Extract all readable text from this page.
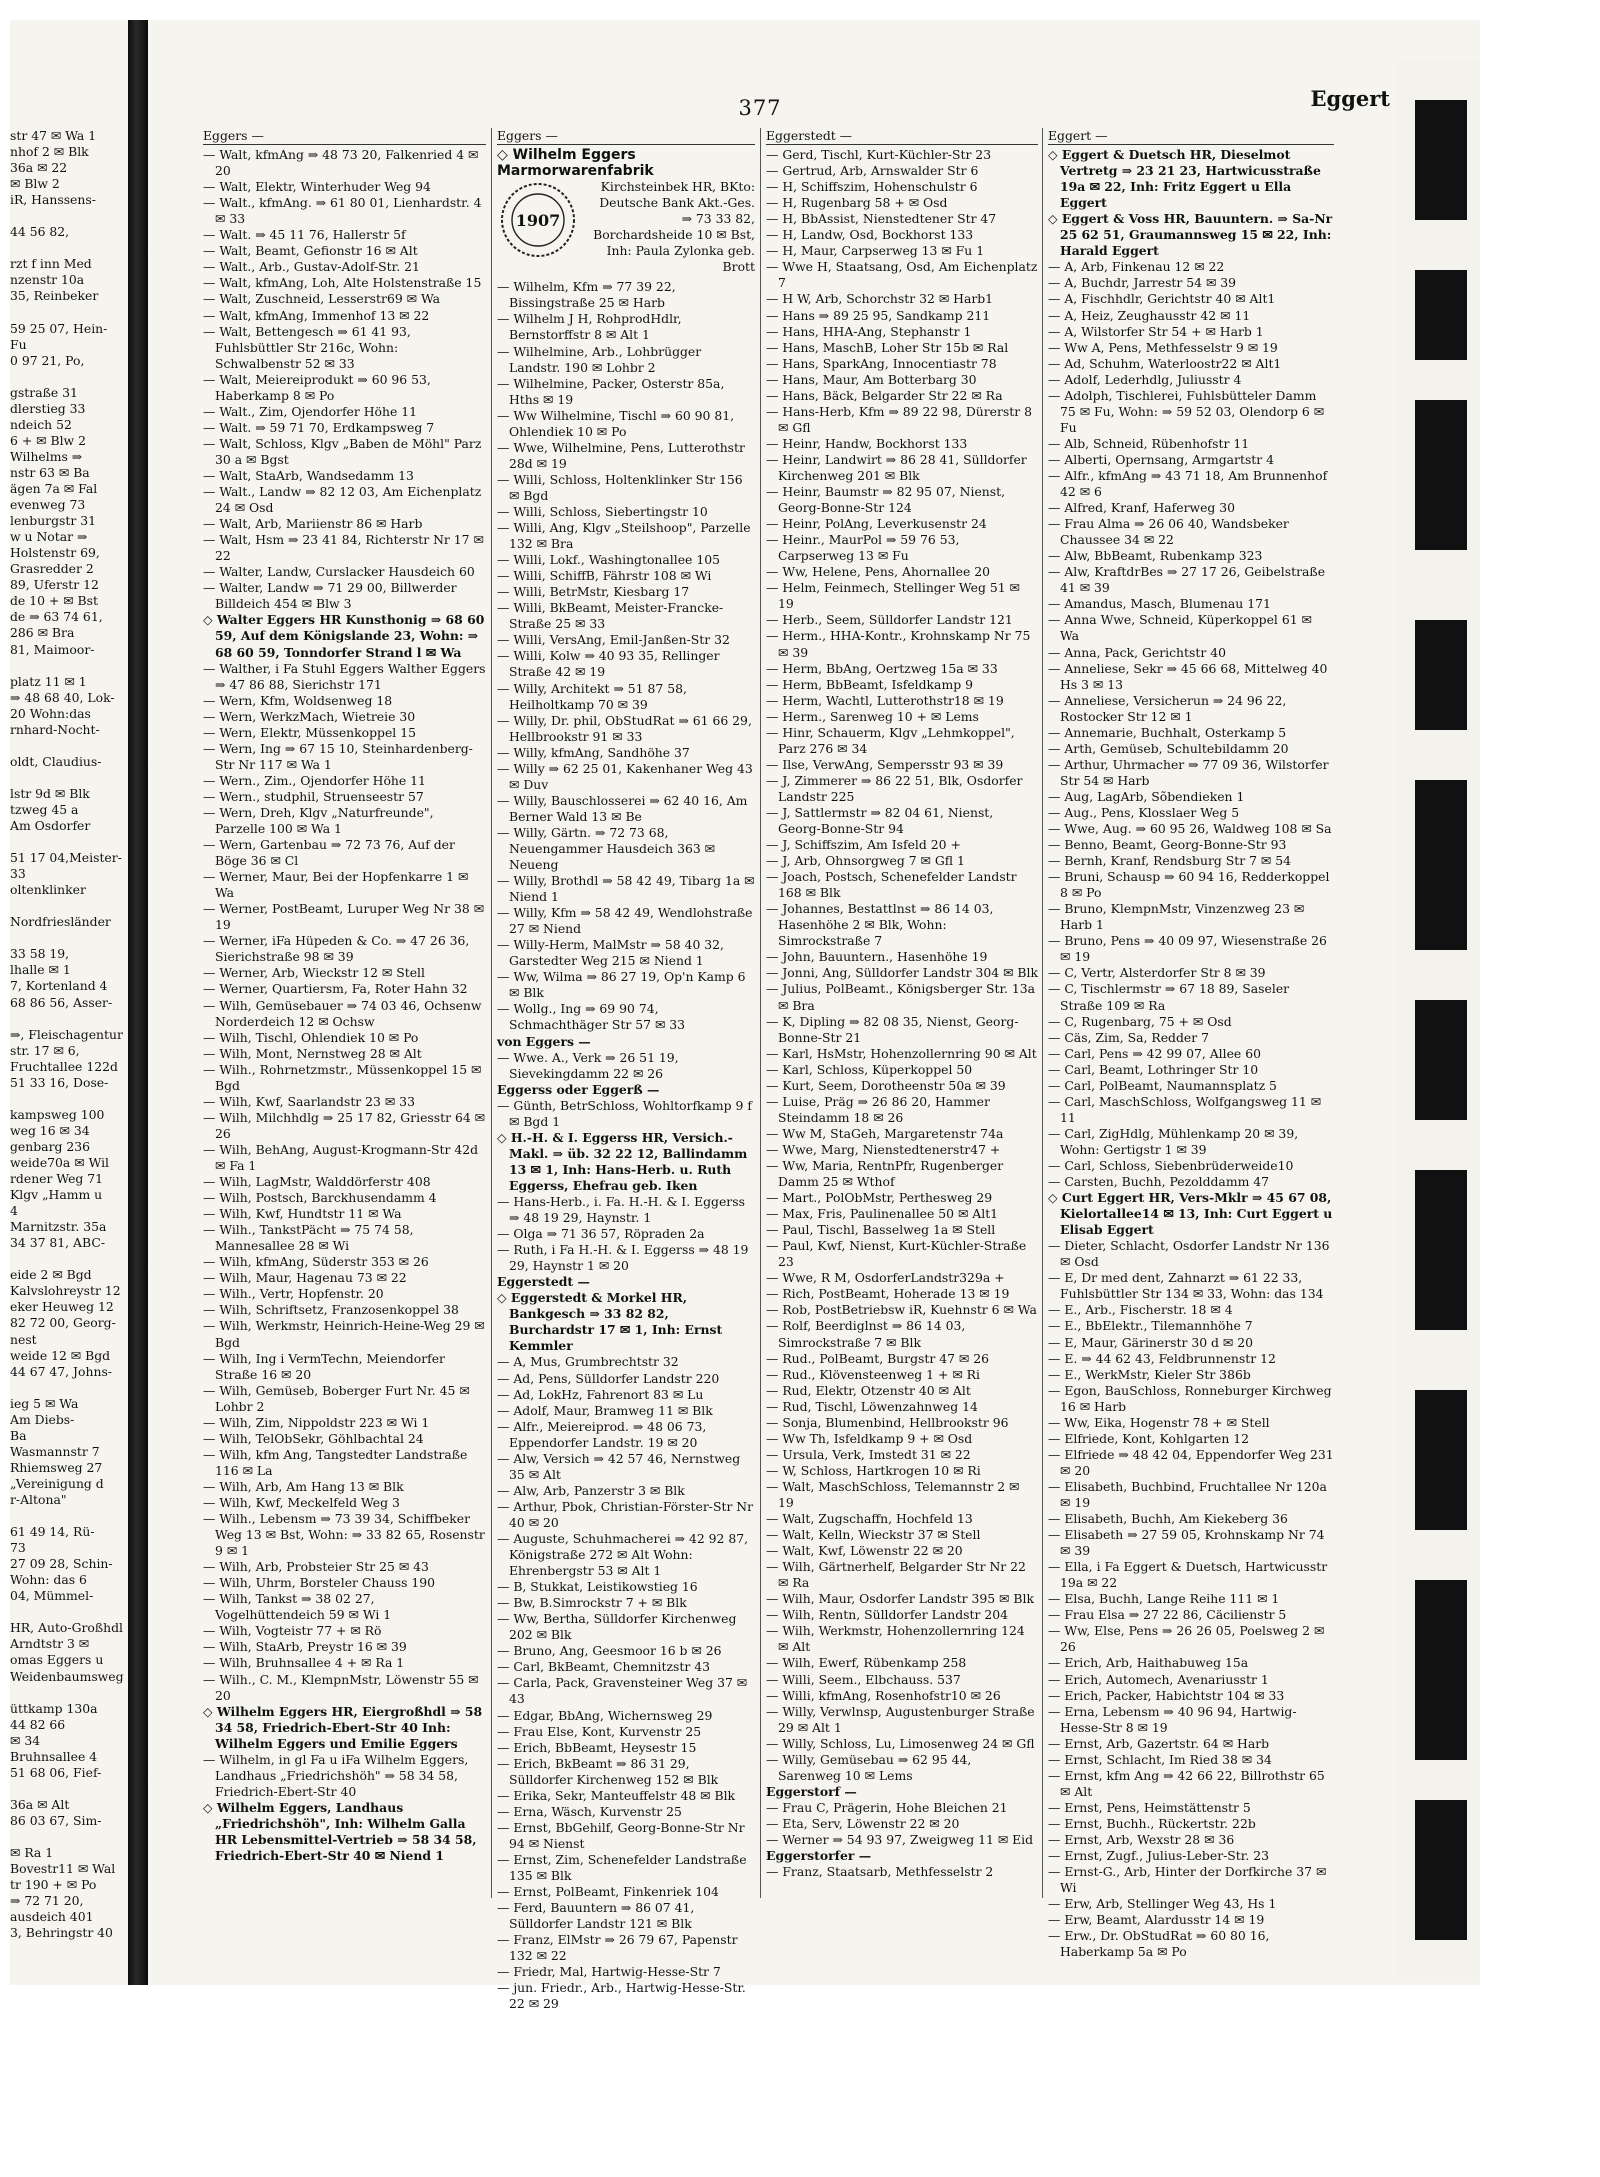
377	Eggert
str 47 ✉ Wa 1
nhof 2 ✉ Blk
36a ✉ 22
✉ Blw 2
iR, Hanssens-

44 56 82,

rzt f inn Med
nzenstr 10a
35, Reinbeker

59 25 07, Hein-
Fu
0 97 21, Po,

gstraße 31
dlerstieg 33
ndeich 52
6 + ✉ Blw 2
Wilhelms ⇒
nstr 63 ✉ Ba
ägen 7a ✉ Fal
evenweg 73
lenburgstr 31
w u Notar ⇒
Holstenstr 69,
Grasredder 2
89, Uferstr 12
de 10 + ✉ Bst
de ⇒ 63 74 61,
286 ✉ Bra
81, Maimoor-

platz 11 ✉ 1
⇒ 48 68 40, Lok-
20 Wohn:das
rnhard-Nocht-

oldt, Claudius-

lstr 9d ✉ Blk
tzweg 45 a
Am Osdorfer

51 17 04,Meister-
33
oltenklinker

Nordfriesländer

33 58 19,
lhalle ✉ 1
7, Kortenland 4
68 86 56, Asser-

⇒, Fleischagentur
str. 17 ✉ 6,
Fruchtallee 122d
51 33 16, Dose-

kampsweg 100
weg 16 ✉ 34
genbarg 236
weide70a ✉ Wil
rdener Weg 71
Klgv „Hamm u
4
Marnitzstr. 35a
34 37 81, ABC-

eide 2 ✉ Bgd
Kalvslohreystr 12
eker Heuweg 12
82 72 00, Georg-
nest
weide 12 ✉ Bgd
44 67 47, Johns-

ieg 5 ✉ Wa
Am Diebs-
Ba
Wasmannstr 7
Rhiemsweg 27
„Vereinigung d
r-Altona"

61 49 14, Rü-
73
27 09 28, Schin-
Wohn: das 6
04, Mümmel-

HR, Auto-Großhdl
Arndtstr 3 ✉
omas Eggers u
Weidenbaumsweg

üttkamp 130a
44 82 66
✉ 34
Bruhnsallee 4
51 68 06, Fief-

36a ✉ Alt
86 03 67, Sim-

✉ Ra 1
Bovestr11 ✉ Wal
tr 190 + ✉ Po
⇒ 72 71 20,
ausdeich 401
3, Behringstr 40
Eggers —
— Walt, kfmAng ⇒ 48 73 20, Falkenried 4 ✉ 20
— Walt, Elektr, Winterhuder Weg 94
— Walt., kfmAng. ⇒ 61 80 01, Lienhardstr. 4 ✉ 33
— Walt. ⇒ 45 11 76, Hallerstr 5f
— Walt, Beamt, Gefionstr 16 ✉ Alt
— Walt., Arb., Gustav-Adolf-Str. 21
— Walt, kfmAng, Loh, Alte Holstenstraße 15
— Walt, Zuschneid, Lesserstr69 ✉ Wa
— Walt, kfmAng, Immenhof 13 ✉ 22
— Walt, Bettengesch ⇒ 61 41 93, Fuhlsbüttler Str 216c, Wohn: Schwalbenstr 52 ✉ 33
— Walt, Meiereiprodukt ⇒ 60 96 53, Haberkamp 8 ✉ Po
— Walt., Zim, Ojendorfer Höhe 11
— Walt. ⇒ 59 71 70, Erdkampsweg 7
— Walt, Schloss, Klgv „Baben de Möhl" Parz 30 a ✉ Bgst
— Walt, StaArb, Wandsedamm 13
— Walt., Landw ⇒ 82 12 03, Am Eichenplatz 24 ✉ Osd
— Walt, Arb, Mariienstr 86 ✉ Harb
— Walt, Hsm ⇒ 23 41 84, Richterstr Nr 17 ✉ 22
— Walter, Landw, Curslacker Hausdeich 60
— Walter, Landw ⇒ 71 29 00, Billwerder Billdeich 454 ✉ Blw 3
◇ Walter Eggers HR Kunsthonig ⇒ 68 60 59, Auf dem Königslande 23, Wohn: ⇒ 68 60 59, Tonndorfer Strand l ✉ Wa
— Walther, i Fa Stuhl Eggers Walther Eggers ⇒ 47 86 88, Sierichstr 171
— Wern, Kfm, Woldsenweg 18
— Wern, WerkzMach, Wietreie 30
— Wern, Elektr, Müssenkoppel 15
— Wern, Ing ⇒ 67 15 10, Steinhardenberg-Str Nr 117 ✉ Wa 1
— Wern., Zim., Ojendorfer Höhe 11
— Wern., studphil, Struenseestr 57
— Wern, Dreh, Klgv „Naturfreunde", Parzelle 100 ✉ Wa 1
— Wern, Gartenbau ⇒ 72 73 76, Auf der Böge 36 ✉ Cl
— Werner, Maur, Bei der Hopfenkarre 1 ✉ Wa
— Werner, PostBeamt, Luruper Weg Nr 38 ✉ 19
— Werner, iFa Hüpeden & Co. ⇒ 47 26 36, Sierichstraße 98 ✉ 39
— Werner, Arb, Wieckstr 12 ✉ Stell
— Werner, Quartiersm, Fa, Roter Hahn 32
— Wilh, Gemüsebauer ⇒ 74 03 46, Ochsenw Norderdeich 12 ✉ Ochsw
— Wilh, Tischl, Ohlendiek 10 ✉ Po
— Wilh, Mont, Nernstweg 28 ✉ Alt
— Wilh., Rohrnetzmstr., Müssenkoppel 15 ✉ Bgd
— Wilh, Kwf, Saarlandstr 23 ✉ 33
— Wilh, Milchhdlg ⇒ 25 17 82, Griesstr 64 ✉ 26
— Wilh, BehAng, August-Krogmann-Str 42d ✉ Fa 1
— Wilh, LagMstr, Walddörferstr 408
— Wilh, Postsch, Barckhusendamm 4
— Wilh, Kwf, Hundtstr 11 ✉ Wa
— Wilh., TankstPächt ⇒ 75 74 58, Mannesallee 28 ✉ Wi
— Wilh, kfmAng, Süderstr 353 ✉ 26
— Wilh, Maur, Hagenau 73 ✉ 22
— Wilh., Vertr, Hopfenstr. 20
— Wilh, Schriftsetz, Franzosenkoppel 38
— Wilh, Werkmstr, Heinrich-Heine-Weg 29 ✉ Bgd
— Wilh, Ing i VermTechn, Meiendorfer Straße 16 ✉ 20
— Wilh, Gemüseb, Boberger Furt Nr. 45 ✉ Lohbr 2
— Wilh, Zim, Nippoldstr 223 ✉ Wi 1
— Wilh, TelObSekr, Göhlbachtal 24
— Wilh, kfm Ang, Tangstedter Landstraße 116 ✉ La
— Wilh, Arb, Am Hang 13 ✉ Blk
— Wilh, Kwf, Meckelfeld Weg 3
— Wilh., Lebensm ⇒ 73 39 34, Schiffbeker Weg 13 ✉ Bst, Wohn: ⇒ 33 82 65, Rosenstr 9 ✉ 1
— Wilh, Arb, Probsteier Str 25 ✉ 43
— Wilh, Uhrm, Borsteler Chauss 190
— Wilh, Tankst ⇒ 38 02 27, Vogelhüttendeich 59 ✉ Wi 1
— Wilh, Vogteistr 77 + ✉ Rö
— Wilh, StaArb, Preystr 16 ✉ 39
— Wilh, Bruhnsallee 4 + ✉ Ra 1
— Wilh., C. M., KlempnMstr, Löwenstr 55 ✉ 20
◇ Wilhelm Eggers HR, Eiergroßhdl ⇒ 58 34 58, Friedrich-Ebert-Str 40 Inh: Wilhelm Eggers und Emilie Eggers
— Wilhelm, in gl Fa u iFa Wilhelm Eggers, Landhaus „Friedrichshöh" ⇒ 58 34 58, Friedrich-Ebert-Str 40
◇ Wilhelm Eggers, Landhaus „Friedrichshöh", Inh: Wilhelm Galla HR Lebensmittel-Vertrieb ⇒ 58 34 58, Friedrich-Ebert-Str 40 ✉ Niend 1
Eggers —
◇ Wilhelm Eggers Marmorwarenfabrik
1907
Kirchsteinbek HR, BKto: Deutsche Bank Akt.-Ges. ⇒ 73 33 82, Borchardsheide 10 ✉ Bst, Inh: Paula Zylonka geb. Brott
— Wilhelm, Kfm ⇒ 77 39 22, Bissingstraße 25 ✉ Harb
— Wilhelm J H, RohprodHdlr, Bernstorffstr 8 ✉ Alt 1
— Wilhelmine, Arb., Lohbrügger Landstr. 190 ✉ Lohbr 2
— Wilhelmine, Packer, Osterstr 85a, Hths ✉ 19
— Ww Wilhelmine, Tischl ⇒ 60 90 81, Ohlendiek 10 ✉ Po
— Wwe, Wilhelmine, Pens, Lutterothstr 28d ✉ 19
— Willi, Schloss, Holtenklinker Str 156 ✉ Bgd
— Willi, Schloss, Siebertingstr 10
— Willi, Ang, Klgv „Steilshoop", Parzelle 132 ✉ Bra
— Willi, Lokf., Washingtonallee 105
— Willi, SchiffB, Fährstr 108 ✉ Wi
— Willi, BetrMstr, Kiesbarg 17
— Willi, BkBeamt, Meister-Francke-Straße 25 ✉ 33
— Willi, VersAng, Emil-Janßen-Str 32
— Willi, Kolw ⇒ 40 93 35, Rellinger Straße 42 ✉ 19
— Willy, Architekt ⇒ 51 87 58, Heilholtkamp 70 ✉ 39
— Willy, Dr. phil, ObStudRat ⇒ 61 66 29, Hellbrookstr 91 ✉ 33
— Willy, kfmAng, Sandhöhe 37
— Willy ⇒ 62 25 01, Kakenhaner Weg 43 ✉ Duv
— Willy, Bauschlosserei ⇒ 62 40 16, Am Berner Wald 13 ✉ Be
— Willy, Gärtn. ⇒ 72 73 68, Neuengammer Hausdeich 363 ✉ Neueng
— Willy, Brothdl ⇒ 58 42 49, Tibarg 1a ✉ Niend 1
— Willy, Kfm ⇒ 58 42 49, Wendlohstraße 27 ✉ Niend
— Willy-Herm, MalMstr ⇒ 58 40 32, Garstedter Weg 215 ✉ Niend 1
— Ww, Wilma ⇒ 86 27 19, Op'n Kamp 6 ✉ Blk
— Wollg., Ing ⇒ 69 90 74, Schmachthäger Str 57 ✉ 33
von Eggers —
— Wwe. A., Verk ⇒ 26 51 19, Sievekingdamm 22 ✉ 26
Eggerss oder Eggerß —
— Günth, BetrSchloss, Wohltorfkamp 9 f ✉ Bgd 1
◇ H.-H. & I. Eggerss HR, Versich.-Makl. ⇒ üb. 32 22 12, Ballindamm 13 ✉ 1, Inh: Hans-Herb. u. Ruth Eggerss, Ehefrau geb. Iken
— Hans-Herb., i. Fa. H.-H. & I. Eggerss ⇒ 48 19 29, Haynstr. 1
— Olga ⇒ 71 36 57, Röpraden 2a
— Ruth, i Fa H.-H. & I. Eggerss ⇒ 48 19 29, Haynstr 1 ✉ 20
Eggerstedt —
◇ Eggerstedt & Morkel HR, Bankgesch ⇒ 33 82 82, Burchardstr 17 ✉ 1, Inh: Ernst Kemmler
— A, Mus, Grumbrechtstr 32
— Ad, Pens, Sülldorfer Landstr 220
— Ad, LokHz, Fahrenort 83 ✉ Lu
— Adolf, Maur, Bramweg 11 ✉ Blk
— Alfr., Meiereiprod. ⇒ 48 06 73, Eppendorfer Landstr. 19 ✉ 20
— Alw, Versich ⇒ 42 57 46, Nernstweg 35 ✉ Alt
— Alw, Arb, Panzerstr 3 ✉ Blk
— Arthur, Pbok, Christian-Förster-Str Nr 40 ✉ 20
— Auguste, Schuhmacherei ⇒ 42 92 87, Königstraße 272 ✉ Alt Wohn: Ehrenbergstr 53 ✉ Alt 1
— B, Stukkat, Leistikowstieg 16
— Bw, B.Simrockstr 7 + ✉ Blk
— Ww, Bertha, Sülldorfer Kirchenweg 202 ✉ Blk
— Bruno, Ang, Geesmoor 16 b ✉ 26
— Carl, BkBeamt, Chemnitzstr 43
— Carla, Pack, Gravensteiner Weg 37 ✉ 43
— Edgar, BbAng, Wichernsweg 29
— Frau Else, Kont, Kurvenstr 25
— Erich, BbBeamt, Heysestr 15
— Erich, BkBeamt ⇒ 86 31 29, Sülldorfer Kirchenweg 152 ✉ Blk
— Erika, Sekr, Manteuffelstr 48 ✉ Blk
— Erna, Wäsch, Kurvenstr 25
— Ernst, BbGehilf, Georg-Bonne-Str Nr 94 ✉ Nienst
— Ernst, Zim, Schenefelder Landstraße 135 ✉ Blk
— Ernst, PolBeamt, Finkenriek 104
— Ferd, Bauuntern ⇒ 86 07 41, Sülldorfer Landstr 121 ✉ Blk
— Franz, ElMstr ⇒ 26 79 67, Papenstr 132 ✉ 22
— Friedr, Mal, Hartwig-Hesse-Str 7
— jun. Friedr., Arb., Hartwig-Hesse-Str. 22 ✉ 29
Eggerstedt —
— Gerd, Tischl, Kurt-Küchler-Str 23
— Gertrud, Arb, Arnswalder Str 6
— H, Schiffszim, Hohenschulstr 6
— H, Rugenbarg 58 + ✉ Osd
— H, BbAssist, Nienstedtener Str 47
— H, Landw, Osd, Bockhorst 133
— H, Maur, Carpserweg 13 ✉ Fu 1
— Wwe H, Staatsang, Osd, Am Eichenplatz 7
— H W, Arb, Schorchstr 32 ✉ Harb1
— Hans ⇒ 89 25 95, Sandkamp 211
— Hans, HHA-Ang, Stephanstr 1
— Hans, MaschB, Loher Str 15b ✉ Ral
— Hans, SparkAng, Innocentiastr 78
— Hans, Maur, Am Botterbarg 30
— Hans, Bäck, Belgarder Str 22 ✉ Ra
— Hans-Herb, Kfm ⇒ 89 22 98, Dürerstr 8 ✉ Gfl
— Heinr, Handw, Bockhorst 133
— Heinr, Landwirt ⇒ 86 28 41, Sülldorfer Kirchenweg 201 ✉ Blk
— Heinr, Baumstr ⇒ 82 95 07, Nienst, Georg-Bonne-Str 124
— Heinr, PolAng, Leverkusenstr 24
— Heinr., MaurPol ⇒ 59 76 53, Carpserweg 13 ✉ Fu
— Ww, Helene, Pens, Ahornallee 20
— Helm, Feinmech, Stellinger Weg 51 ✉ 19
— Herb., Seem, Sülldorfer Landstr 121
— Herm., HHA-Kontr., Krohnskamp Nr 75 ✉ 39
— Herm, BbAng, Oertzweg 15a ✉ 33
— Herm, BbBeamt, Isfeldkamp 9
— Herm, Wachtl, Lutterothstr18 ✉ 19
— Herm., Sarenweg 10 + ✉ Lems
— Hinr, Schauerm, Klgv „Lehmkoppel", Parz 276 ✉ 34
— Ilse, VerwAng, Sempersstr 93 ✉ 39
— J, Zimmerer ⇒ 86 22 51, Blk, Osdorfer Landstr 225
— J, Sattlermstr ⇒ 82 04 61, Nienst, Georg-Bonne-Str 94
— J, Schiffszim, Am Isfeld 20 +
— J, Arb, Ohnsorgweg 7 ✉ Gfl 1
— Joach, Postsch, Schenefelder Landstr 168 ✉ Blk
— Johannes, Bestattlnst ⇒ 86 14 03, Hasenhöhe 2 ✉ Blk, Wohn: Simrockstraße 7
— John, Bauuntern., Hasenhöhe 19
— Jonni, Ang, Sülldorfer Landstr 304 ✉ Blk
— Julius, PolBeamt., Königsberger Str. 13a ✉ Bra
— K, Dipling ⇒ 82 08 35, Nienst, Georg-Bonne-Str 21
— Karl, HsMstr, Hohenzollernring 90 ✉ Alt
— Karl, Schloss, Küperkoppel 50
— Kurt, Seem, Dorotheenstr 50a ✉ 39
— Luise, Präg ⇒ 26 86 20, Hammer Steindamm 18 ✉ 26
— Ww M, StaGeh, Margaretenstr 74a
— Wwe, Marg, Nienstedtenerstr47 +
— Ww, Maria, RentnPfr, Rugenberger Damm 25 ✉ Wthof
— Mart., PolObMstr, Perthesweg 29
— Max, Fris, Paulinenallee 50 ✉ Alt1
— Paul, Tischl, Basselweg 1a ✉ Stell
— Paul, Kwf, Nienst, Kurt-Küchler-Straße 23
— Wwe, R M, OsdorferLandstr329a +
— Rich, PostBeamt, Hoherade 13 ✉ 19
— Rob, PostBetriebsw iR, Kuehnstr 6 ✉ Wa
— Rolf, Beerdiglnst ⇒ 86 14 03, Simrockstraße 7 ✉ Blk
— Rud., PolBeamt, Burgstr 47 ✉ 26
— Rud., Klövensteenweg 1 + ✉ Ri
— Rud, Elektr, Otzenstr 40 ✉ Alt
— Rud, Tischl, Löwenzahnweg 14
— Sonja, Blumenbind, Hellbrookstr 96
— Ww Th, Isfeldkamp 9 + ✉ Osd
— Ursula, Verk, Imstedt 31 ✉ 22
— W, Schloss, Hartkrogen 10 ✉ Ri
— Walt, MaschSchloss, Telemannstr 2 ✉ 19
— Walt, Zugschaffn, Hochfeld 13
— Walt, Kelln, Wieckstr 37 ✉ Stell
— Walt, Kwf, Löwenstr 22 ✉ 20
— Wilh, Gärtnerhelf, Belgarder Str Nr 22 ✉ Ra
— Wilh, Maur, Osdorfer Landstr 395 ✉ Blk
— Wilh, Rentn, Sülldorfer Landstr 204
— Wilh, Werkmstr, Hohenzollernring 124 ✉ Alt
— Wilh, Ewerf, Rübenkamp 258
— Willi, Seem., Elbchauss. 537
— Willi, kfmAng, Rosenhofstr10 ✉ 26
— Willy, Verwlnsp, Augustenburger Straße 29 ✉ Alt 1
— Willy, Schloss, Lu, Limosenweg 24 ✉ Gfl
— Willy, Gemüsebau ⇒ 62 95 44, Sarenweg 10 ✉ Lems
Eggerstorf —
— Frau C, Prägerin, Hohe Bleichen 21
— Eta, Serv, Löwenstr 22 ✉ 20
— Werner ⇒ 54 93 97, Zweigweg 11 ✉ Eid
Eggerstorfer —
— Franz, Staatsarb, Methfesselstr 2
Eggert —
◇ Eggert & Duetsch HR, Dieselmot Vertretg ⇒ 23 21 23, Hartwicusstraße 19a ✉ 22, Inh: Fritz Eggert u Ella Eggert
◇ Eggert & Voss HR, Bauuntern. ⇒ Sa-Nr 25 62 51, Graumannsweg 15 ✉ 22, Inh: Harald Eggert
— A, Arb, Finkenau 12 ✉ 22
— A, Buchdr, Jarrestr 54 ✉ 39
— A, Fischhdlr, Gerichtstr 40 ✉ Alt1
— A, Heiz, Zeughausstr 42 ✉ 11
— A, Wilstorfer Str 54 + ✉ Harb 1
— Ww A, Pens, Methfesselstr 9 ✉ 19
— Ad, Schuhm, Waterloostr22 ✉ Alt1
— Adolf, Lederhdlg, Juliusstr 4
— Adolph, Tischlerei, Fuhlsbütteler Damm 75 ✉ Fu, Wohn: ⇒ 59 52 03, Olendorp 6 ✉ Fu
— Alb, Schneid, Rübenhofstr 11
— Alberti, Opernsang, Armgartstr 4
— Alfr., kfmAng ⇒ 43 71 18, Am Brunnenhof 42 ✉ 6
— Alfred, Kranf, Haferweg 30
— Frau Alma ⇒ 26 06 40, Wandsbeker Chaussee 34 ✉ 22
— Alw, BbBeamt, Rubenkamp 323
— Alw, KraftdrBes ⇒ 27 17 26, Geibelstraße 41 ✉ 39
— Amandus, Masch, Blumenau 171
— Anna Wwe, Schneid, Küperkoppel 61 ✉ Wa
— Anna, Pack, Gerichtstr 40
— Anneliese, Sekr ⇒ 45 66 68, Mittelweg 40 Hs 3 ✉ 13
— Anneliese, Versicherun ⇒ 24 96 22, Rostocker Str 12 ✉ 1
— Annemarie, Buchhalt, Osterkamp 5
— Arth, Gemüseb, Schultebildamm 20
— Arthur, Uhrmacher ⇒ 77 09 36, Wilstorfer Str 54 ✉ Harb
— Aug, LagArb, Sõbendieken 1
— Aug., Pens, Klosslaer Weg 5
— Wwe, Aug. ⇒ 60 95 26, Waldweg 108 ✉ Sa
— Benno, Beamt, Georg-Bonne-Str 93
— Bernh, Kranf, Rendsburg Str 7 ✉ 54
— Bruni, Schausp ⇒ 60 94 16, Redderkoppel 8 ✉ Po
— Bruno, KlempnMstr, Vinzenzweg 23 ✉ Harb 1
— Bruno, Pens ⇒ 40 09 97, Wiesenstraße 26 ✉ 19
— C, Vertr, Alsterdorfer Str 8 ✉ 39
— C, Tischlermstr ⇒ 67 18 89, Saseler Straße 109 ✉ Ra
— C, Rugenbarg, 75 + ✉ Osd
— Cäs, Zim, Sa, Redder 7
— Carl, Pens ⇒ 42 99 07, Allee 60
— Carl, Beamt, Lothringer Str 10
— Carl, PolBeamt, Naumannsplatz 5
— Carl, MaschSchloss, Wolfgangsweg 11 ✉ 11
— Carl, ZigHdlg, Mühlenkamp 20 ✉ 39, Wohn: Gertigstr 1 ✉ 39
— Carl, Schloss, Siebenbrüderweide10
— Carsten, Buchh, Pezolddamm 47
◇ Curt Eggert HR, Vers-Mklr ⇒ 45 67 08, Kielortallee14 ✉ 13, Inh: Curt Eggert u Elisab Eggert
— Dieter, Schlacht, Osdorfer Landstr Nr 136 ✉ Osd
— E, Dr med dent, Zahnarzt ⇒ 61 22 33, Fuhlsbüttler Str 134 ✉ 33, Wohn: das 134
— E., Arb., Fischerstr. 18 ✉ 4
— E., BbElektr., Tilemannhöhe 7
— E, Maur, Gärinerstr 30 d ✉ 20
— E. ⇒ 44 62 43, Feldbrunnenstr 12
— E., WerkMstr, Kieler Str 386b
— Egon, BauSchloss, Ronneburger Kirchweg 16 ✉ Harb
— Ww, Eika, Hogenstr 78 + ✉ Stell
— Elfriede, Kont, Kohlgarten 12
— Elfriede ⇒ 48 42 04, Eppendorfer Weg 231 ✉ 20
— Elisabeth, Buchbind, Fruchtallee Nr 120a ✉ 19
— Elisabeth, Buchh, Am Kiekeberg 36
— Elisabeth ⇒ 27 59 05, Krohnskamp Nr 74 ✉ 39
— Ella, i Fa Eggert & Duetsch, Hartwicusstr 19a ✉ 22
— Elsa, Buchh, Lange Reihe 111 ✉ 1
— Frau Elsa ⇒ 27 22 86, Cäcilienstr 5
— Ww, Else, Pens ⇒ 26 26 05, Poelsweg 2 ✉ 26
— Erich, Arb, Haithabuweg 15a
— Erich, Automech, Avenariusstr 1
— Erich, Packer, Habichtstr 104 ✉ 33
— Erna, Lebensm ⇒ 40 96 94, Hartwig-Hesse-Str 8 ✉ 19
— Ernst, Arb, Gazertstr. 64 ✉ Harb
— Ernst, Schlacht, Im Ried 38 ✉ 34
— Ernst, kfm Ang ⇒ 42 66 22, Billrothstr 65 ✉ Alt
— Ernst, Pens, Heimstättenstr 5
— Ernst, Buchh., Rückertstr. 22b
— Ernst, Arb, Wexstr 28 ✉ 36
— Ernst, Zugf., Julius-Leber-Str. 23
— Ernst-G., Arb, Hinter der Dorfkirche 37 ✉ Wi
— Erw, Arb, Stellinger Weg 43, Hs 1
— Erw, Beamt, Alardusstr 14 ✉ 19
— Erw., Dr. ObStudRat ⇒ 60 80 16, Haberkamp 5a ✉ Po
